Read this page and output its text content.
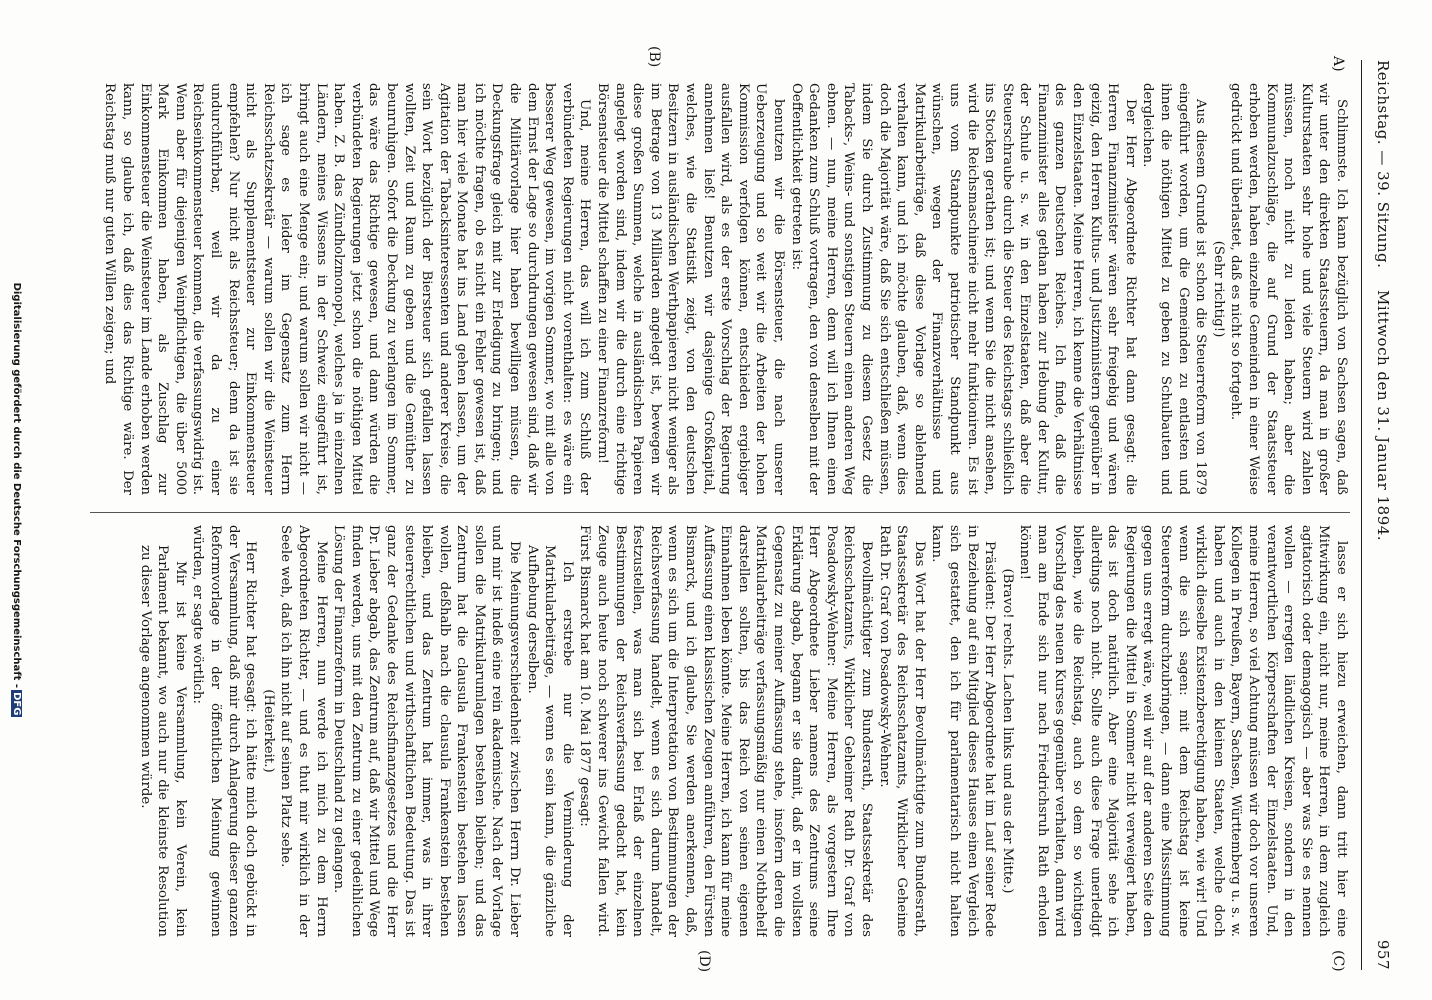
Reichstag. — 39. Sitzung.
Mittwoch den 31. Januar 1894.
957
A)
(B)
(C)
(D)

Schlimmste. Ich kann bezüglich von Sachsen sagen, daß wir unter den direkten Staatssteuern, da man in großer Kulturstaaten sehr hohe und viele Steuern wird zahlen müssen, noch nicht zu leiden haben; aber die Kommunalzuschläge, die auf Grund der Staatssteuer erhoben werden, haben einzelne Gemeinden in einer Weise gedrückt und überlastet, daß es nicht so fortgeht.

(Sehr richtig!)

Aus diesem Grunde ist schon die Steuerreform von 1879 eingeführt worden, um die Gemeinden zu entlasten und ihnen die nöthigen Mittel zu geben zu Schulbauten und dergleichen.

Der Herr Abgeordnete Richter hat dann gesagt: die Herren Finanzminister wären sehr freigebig und wären geizig, den Herren Kultus- und Justizministern gegenüber in den Einzelstaaten. Meine Herren, ich kenne die Verhältnisse des ganzen Deutschen Reiches. Ich finde, daß die Finanzminister alles gethan haben zur Hebung der Kultur, der Schule u. s. w. in den Einzelstaaten, daß aber die Steuerschraube durch die Steuer des Reichstags schließlich ins Stocken gerathen ist; und wenn Sie die nicht ansehen, wird die Reichsmaschinerie nicht mehr funktioniren. Es ist uns vom Standpunkte patriotischer Standpunkt aus wünschen, wegen der Finanzverhältnisse und Matrikularbeiträge, daß diese Vorlage so ablehnend verhalten kann, und ich möchte glauben, daß, wenn dies doch die Majorität wäre, daß Sie sich entschließen müssen, indem Sie durch Zustimmung zu diesem Gesetz die Tabacks-, Weins- und sonstigen Steuern einen anderen Weg ebnen. — nun, meine Herren, denn will ich Ihnen einen Gedanken zum Schluß vortragen, den von denselben mit der Oeffentlichkeit getreten ist:

benutzen wir die Börsensteuer, die nach unserer Ueberzeugung und so weit wir die Arbeiten der hohen Kommission verfolgen können, entschieden ergiebiger ausfallen wird, als es der erste Vorschlag der Regierung annehmen ließ! Benutzen wir dasjenige Großkapital, welches, wie die Statistik zeigt, von den deutschen Besitzern in ausländischen Werthpapieren nicht weniger als im Betrage von 13 Milliarden angelegt ist, bewegen wir diese großen Summen, welche in ausländischen Papieren angelegt worden sind, indem wir die durch eine richtige Börsensteuer die Mittel schaffen zu einer Finanzreform!

Und, meine Herren, das will ich zum Schluß der verbündeten Regierungen nicht vorenthalten: es wäre ein besserer Weg gewesen, im vorigen Sommer, wo mit alle von dem Ernst der Lage so durchdrungen gewesen sind, daß wir die Militärvorlage hier haben bewilligen müssen, die Deckungsfrage gleich mit zur Erledigung zu bringen; und ich möchte fragen, ob es nicht ein Fehler gewesen ist, daß man hier viele Monate hat ins Land gehen lassen, um der Agitation der Tabacksinteressenten und anderer Kreise, die sein Wort bezüglich der Biersteuer sich gefallen lassen wollten, Zeit und Raum zu geben und die Gemüther zu beunruhigen. Sofort die Deckung zu verlangen im Sommer, das wäre das Richtige gewesen, und dann würden die verbündeten Regierungen jetzt schon die nöthigen Mittel haben. Z. B. das Zündholzmonopol, welches ja in einzelnen Ländern, meines Wissens in der Schweiz eingeführt ist, bringt auch eine Menge ein; und warum sollen wir nicht — ich sage es leider im Gegensatz zum Herrn Reichsschatzsekretär — warum sollen wir die Weinsteuer nicht als Supplementsteuer zur Einkommensteuer empfehlen? Nur nicht als Reichssteuer; denn da ist sie undurchführbar, weil wir da zu einer Reichseinkommensteuer kommen, die verfassungswidrig ist. Wenn aber für diejenigen Weinpflichtigen, die über 5000 Mark Einkommen haben, als Zuschlag zur Einkommensteuer die Weinsteuer im Lande erhoben werden kann, so glaube ich, daß dies das Richtige wäre. Der Reichstag muß nur guten Willen zeigen; und

lasse er sich hiezu erweichen, dann tritt hier eine Mitwirkung ein, nicht nur, meine Herren, in dem zugleich agitatorisch oder demagogisch — aber was Sie es nennen wollen — erregten ländlichen Kreisen, sondern in den verantwortlichen Körperschaften der Einzelstaaten. Und, meine Herren, so viel Achtung müssen wir doch vor unseren Kollegen in Preußen, Bayern, Sachsen, Württemberg u. s. w. haben und auch in den kleinen Staaten, welche doch wirklich dieselbe Existenzberechtigung haben, wie wir! Und wenn die sich sagen: mit dem Reichstag ist keine Steuerreform durchzubringen, — dann eine Missstimmung gegen uns erregt wäre, weil wir auf der anderen Seite den Regierungen die Mittel in Sommer nicht verweigert haben, das ist doch natürlich. Aber eine Majorität sehe ich allerdings noch nicht. Sollte auch diese Frage unerledigt bleiben, wie die Reichstag, auch so dem so wichtigen Vorschlag des neuen Kurses gegenüber verhalten, dann wird man am Ende sich nur nach Friedrichsruh Rath erholen können!

(Bravo! rechts. Lachen links und aus der Mitte.)

Präsident: Der Herr Abgeordnete hat im Lauf seiner Rede in Beziehung auf ein Mitglied dieses Hauses einen Vergleich sich gestattet, den ich für parlamentarisch nicht halten kann.

Das Wort hat der Herr Bevollmächtigte zum Bundesrath, Staatssekretär des Reichsschatzamts, Wirklicher Geheime Rath Dr. Graf von Posadowsky-Wehner.

Bevollmächtigter zum Bundesrath, Staatssekretär des Reichsschatzamts, Wirklicher Geheimer Rath Dr. Graf von Posadowsky-Wehner: Meine Herren, als vorgestern Ihre Herr Abgeordnete Lieber namens des Zentrums seine Erklärung abgab, begann er sie damit, daß er im vollsten Gegensatz zu meiner Auffassung stehe, insofern deren die Matrikularbeiträge verfassungsmäßig nur einen Nothbehelf darstellen sollten, bis das Reich von seinen eigenen Einnahmen leben könnte. Meine Herren, ich kann für meine Auffassung einen klassischen Zeugen anführen, den Fürsten Bismarck, und ich glaube, Sie werden anerkennen, daß, wenn es sich um die Interpretation von Bestimmungen der Reichsverfassung handelt, wenn es sich darum handelt, festzustellen, was man sich bei Erlaß der einzelnen Bestimmungen der Reichsverfassung gedacht hat, kein Zeuge auch heute noch schwerer ins Gewicht fallen wird. Fürst Bismarck hat am 10. Mai 1877 gesagt:

Ich erstrebe nur die Verminderung der Matrikularbeiträge, — wenn es sein kann, die gänzliche Aufhebung derselben.

Die Meinungsverschiedenheit zwischen Herrn Dr. Lieber und mir ist indeß eine rein akademische. Nach der Vorlage sollen die Matrikularumlagen bestehen bleiben; und das Zentrum hat die clausula Frankenstein bestehen lassen wollen, deßhalb nach die clausula Frankenstein bestehen bleiben, und das Zentrum hat immer, was in ihrer steuerrechtlichen und wirthschaftlichen Bedeutung. Das ist ganz der Gedanke des Reichsfinanzgesetzes und die Herr Dr. Lieber abgab, das Zentrum auf, daß wir Mittel und Wege finden werden, uns mit den Zentrum zu einer gedeihlichen Lösung der Finanzreform in Deutschland zu gelangen.

Meine Herren, nun werde ich mich zu dem Herrn Abgeordneten Richter, — und es thut mir wirklich in der Seele weh, daß ich ihn nicht auf seinen Platz sehe.

(Heiterkeit.)

Herr Richter hat gesagt: ich hätte mich doch gebückt in der Versammlung, daß mir durch Anlagerung dieser ganzen Reformvorlage in der öffentlichen Meinung gewinnen würden, er sagte wörtlich:

Mir ist keine Versammlung, kein Verein, kein Parlament bekannt, wo auch nur die kleinste Resolution zu dieser Vorlage angenommen würde.

Digitalisierung gefördert durch die Deutsche Forschungsgemeinschaft -DFG
